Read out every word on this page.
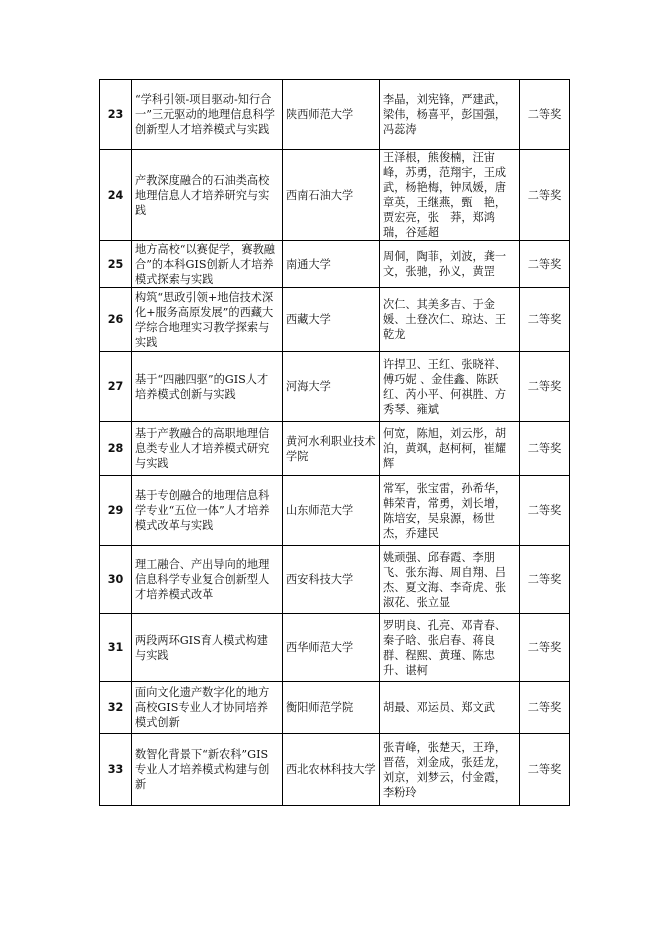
23	“学科引领-项目驱动-知行合一”三元驱动的地理信息科学创新型人才培养模式与实践	陕西师范大学	李晶，刘宪锋，严建武，梁伟，杨喜平，彭国强，冯蕊涛	二等奖
24	产教深度融合的石油类高校地理信息人才培养研究与实践	西南石油大学	王泽根，熊俊楠，汪宙峰，苏勇，范翔宇，王成武，杨艳梅，钟凤媛，唐章英，王继燕，甄　艳，贾宏亮，张　莽，郑鸿瑞，谷延超	二等奖
25	地方高校“以赛促学，赛教融合”的本科GIS创新人才培养模式探索与实践	南通大学	周侗，陶菲，刘波，龚一文，张驰，孙义，黄罡	二等奖
26	构筑“思政引领+地信技术深化+服务高原发展”的西藏大学综合地理实习教学探索与实践	西藏大学	次仁、其美多吉、于金媛、土登次仁、琼达、王乾龙	二等奖
27	基于“四融四驱”的GIS人才培养模式创新与实践	河海大学	许捍卫、王红、张晓祥、傅巧妮 、金佳鑫、陈跃红、芮小平、何祺胜、方秀琴、雍斌	二等奖
28	基于产教融合的高职地理信息类专业人才培养模式研究与实践	黄河水利职业技术学院	何宽，陈旭，刘云彤，胡泊，黄飒，赵柯柯，崔耀辉	二等奖
29	基于专创融合的地理信息科学专业“五位一体”人才培养模式改革与实践	山东师范大学	常军，张宝雷，孙希华，韩荣青，常勇，刘长增，陈培安，吴泉源，杨世杰，乔建民	二等奖
30	理工融合、产出导向的地理信息科学专业复合创新型人才培养模式改革	西安科技大学	姚顽强、邱春霞、李朋飞、张东海、周自翔、吕杰、夏文海、李奇虎、张淑花、张立显	二等奖
31	两段两环GIS育人模式构建与实践	西华师范大学	罗明良、孔亮、邓青春、秦子晗、张启春、蒋良群、程熙、黄瑾、陈忠升、谌柯	二等奖
32	面向文化遗产数字化的地方高校GIS专业人才协同培养模式创新	衡阳师范学院	胡最、邓运员、郑文武	二等奖
33	数智化背景下“新农科”GIS专业人才培养模式构建与创新	西北农林科技大学	张青峰，张楚天，王琤，晋蓓，刘金成，张廷龙，刘京，刘梦云，付金霞，李粉玲	二等奖
